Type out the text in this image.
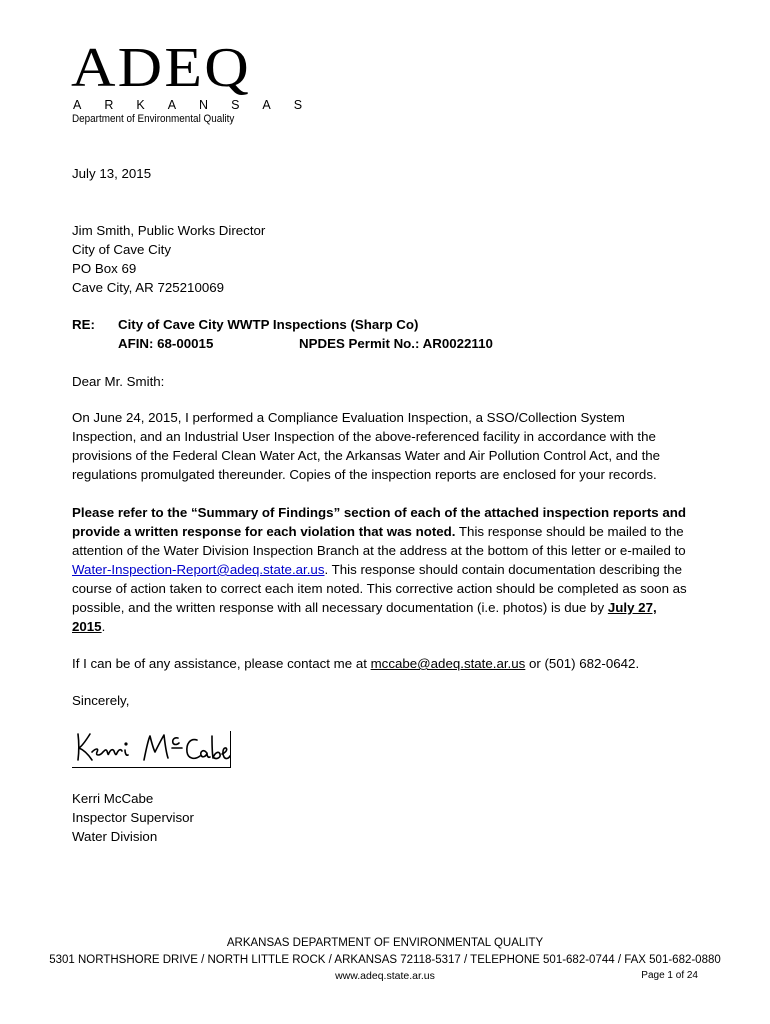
ADEQ
ARKANSAS
Department of Environmental Quality
July 13, 2015
Jim Smith, Public Works Director
City of Cave City
PO Box 69
Cave City, AR 725210069
RE: City of Cave City WWTP Inspections (Sharp Co)
AFIN: 68-00015	NPDES Permit No.: AR0022110
Dear Mr. Smith:
On June 24, 2015, I performed a Compliance Evaluation Inspection, a SSO/Collection System Inspection, and an Industrial User Inspection of the above-referenced facility in accordance with the provisions of the Federal Clean Water Act, the Arkansas Water and Air Pollution Control Act, and the regulations promulgated thereunder. Copies of the inspection reports are enclosed for your records.
Please refer to the “Summary of Findings” section of each of the attached inspection reports and provide a written response for each violation that was noted. This response should be mailed to the attention of the Water Division Inspection Branch at the address at the bottom of this letter or e-mailed to Water-Inspection-Report@adeq.state.ar.us. This response should contain documentation describing the course of action taken to correct each item noted. This corrective action should be completed as soon as possible, and the written response with all necessary documentation (i.e. photos) is due by July 27, 2015.
If I can be of any assistance, please contact me at mccabe@adeq.state.ar.us or (501) 682-0642.
Sincerely,
Kerri McCabe
Inspector Supervisor
Water Division
ARKANSAS DEPARTMENT OF ENVIRONMENTAL QUALITY
5301 NORTHSHORE DRIVE / NORTH LITTLE ROCK / ARKANSAS 72118-5317 / TELEPHONE 501-682-0744 / FAX 501-682-0880
www.adeq.state.ar.us	Page 1 of 24
